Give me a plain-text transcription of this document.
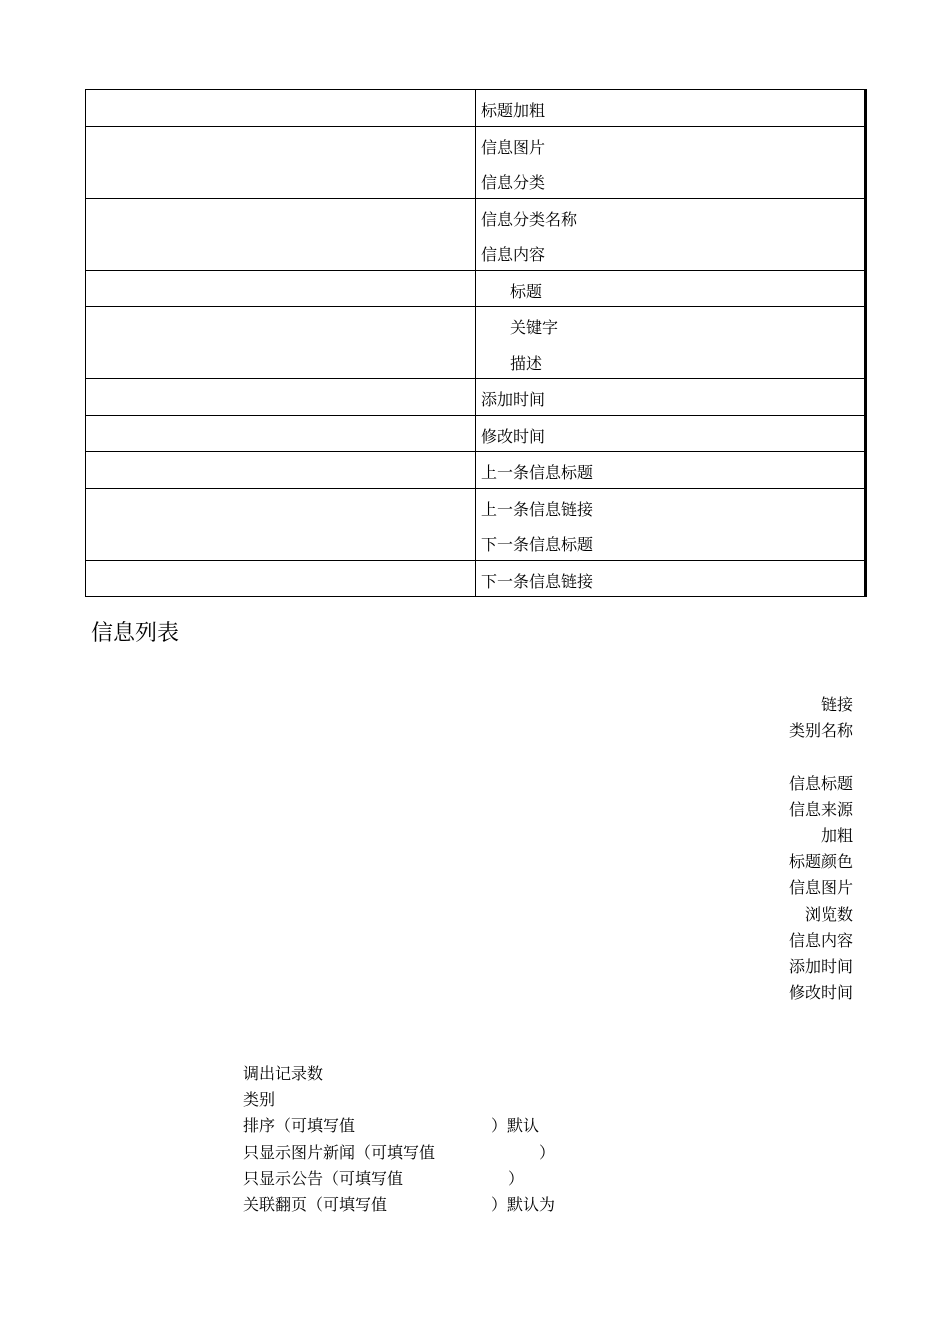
	标题加粗

	信息图片
信息分类

	信息分类名称
信息内容

	标题

	关键字
描述

	添加时间

	修改时间

	上一条信息标题

	上一条信息链接
下一条信息标题

	下一条信息链接
信息列表
链接
类别名称
信息标题
信息来源
加粗
标题颜色
信息图片
浏览数
信息内容
添加时间
修改时间
调出记录数
类别
排序（可填写值	）默认
只显示图片新闻（可填写值	）
只显示公告（可填写值	）
关联翻页（可填写值	）默认为
